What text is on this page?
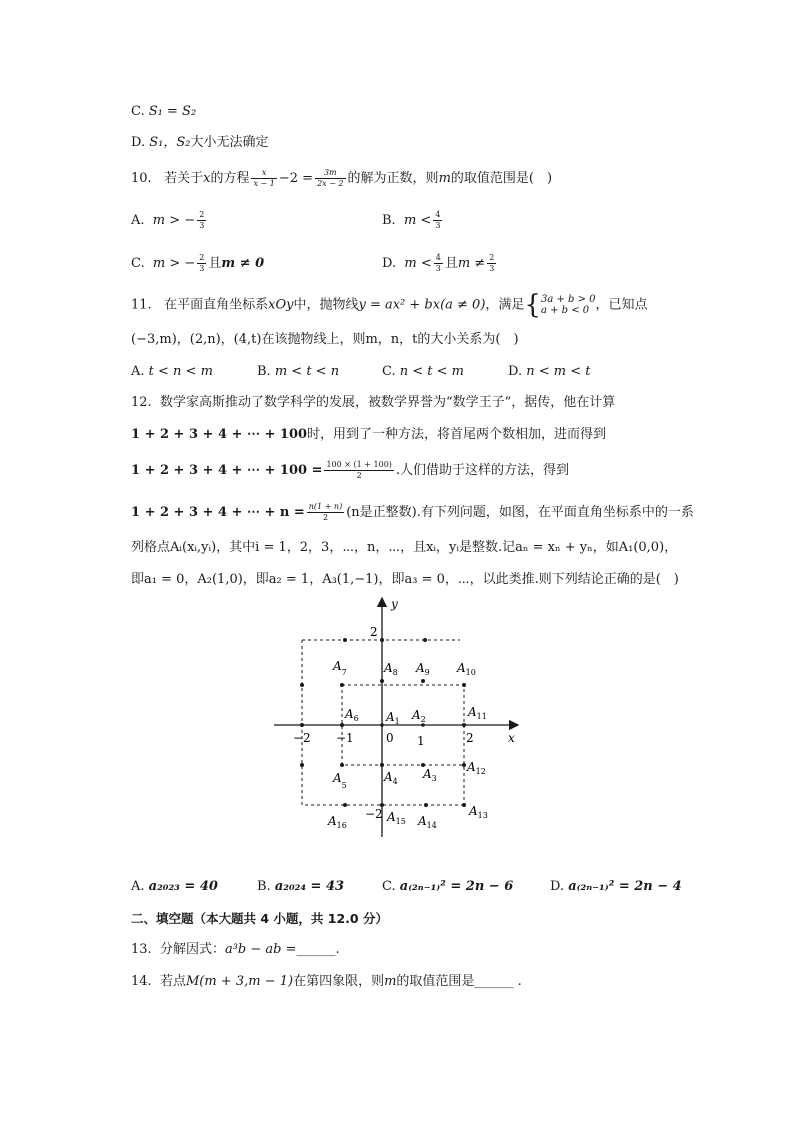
C. S₁ = S₂
D. S₁，S₂大小无法确定
10. 若关于x的方程 $\frac{x}{x - 1} -2 = \frac{3m}{2x - 2}$ 的解为正数，则m的取值范围是(　)
A. m > − $\frac{2}{3}$	B. $m < \frac{4}{3}$
C. m > − $\frac{2}{3}$ 且m ≠ 0	D. $m < \frac{4}{3}$ 且$m \ne \frac{2}{3}$
11. 在平面直角坐标系xOy中，抛物线y = ax² + bx(a ≠ 0)，满足{ 3a + b > 0
a + b < 0 ，已知点
(−3,m)，(2,n)，(4,t)在该抛物线上，则m，n，t的大小关系为(　)
A. t < n < m	B. m < t < n	C. n < t < m	D. n < m < t
12. 数学家高斯推动了数学科学的发展，被数学界誉为“数学王子”，据传，他在计算
1 + 2 + 3 + 4 + ⋯ + 100时，用到了一种方法，将首尾两个数相加，进而得到
1 + 2 + 3 + 4 + ⋯ + $100 = \frac{100 \times (1 + 100)}{2}$ .人们借助于这样的方法，得到
1 + 2 + 3 + 4 + ⋯ + $n = \frac{n(1 + n)}{2} (n$是正整数).有下列问题，如图，在平面直角坐标系中的一系
列格点Aᵢ(xᵢ,yᵢ)，其中i = 1，2，3，⋯，n，⋯，且xᵢ，yᵢ是整数.记aₙ = xₙ + yₙ，如A₁(0,0)，
即a₁ = 0，A₂(1,0)，即a₂ = 1，A₃(1,−1)，即a₃ = 0，⋯，以此类推.则下列结论正确的是(　)
x
y
0
−2 −1	1	2
2
−2
$A_1$ $A_2$
$A_3$
$A_4$
$A_5$
$A_6$
$A_7$	$A_8$ $A_9$ $A_{10}$
$A_{11}$
$A_{12}$
$A_{13}$
$A_{14}$
$A_{15}$
$A_{16}$
A. a₂₀₂₃ = 40	B. a₂₀₂₄ = 43	C. a₍₂ₙ₋₁₎² = 2n − 6	D. a₍₂ₙ₋₁₎² = 2n − 4
二、填空题（本大题共 4 小题，共 12.0 分）
13. 分解因式：a³b − ab =______.
14. 若点M(m + 3,m − 1)在第四象限，则m的取值范围是______ .
